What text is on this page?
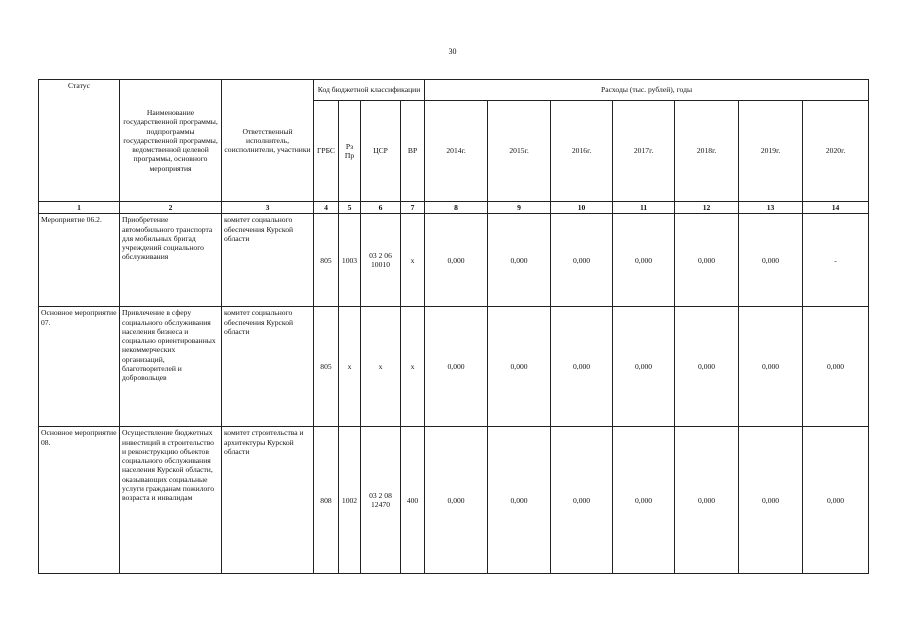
30
Статус	Наименование государственной программы, подпрограммы государственной программы, ведомственной целевой программы, основного мероприятия	Ответственный исполнитель, соисполнители, участники	Код бюджетной классификации				Расходы (тыс. рублей), годы						
			ГРБС	Рз Пр	ЦСР	ВР	2014г.	2015г.	2016г.	2017г.	2018г.	2019г.	2020г.
1	2	3	4	5	6	7	8	9	10	11	12	13	14
Мероприятие 06.2.	Приобретение автомобильного транспорта для мобильных бригад учреждений социального обслуживания	комитет социального обеспечения Курской области	805	1003	03 2 06 10010	х	0,000	0,000	0,000	0,000	0,000	0,000	-
Основное мероприятие 07.	Привлечение в сферу социального обслуживания населения бизнеса и социально ориентированных некоммерческих организаций, благотворителей и добровольцев	комитет социального обеспечения Курской области	805	х	х	х	0,000	0,000	0,000	0,000	0,000	0,000	0,000
Основное мероприятие 08.	Осуществление бюджетных инвестиций в строительство и реконструкцию объектов социального обслуживания населения Курской области, оказывающих социальные услуги гражданам пожилого возраста и инвалидам	комитет строительства и архитектуры Курской области	808	1002	03 2 08 12470	400	0,000	0,000	0,000	0,000	0,000	0,000	0,000
